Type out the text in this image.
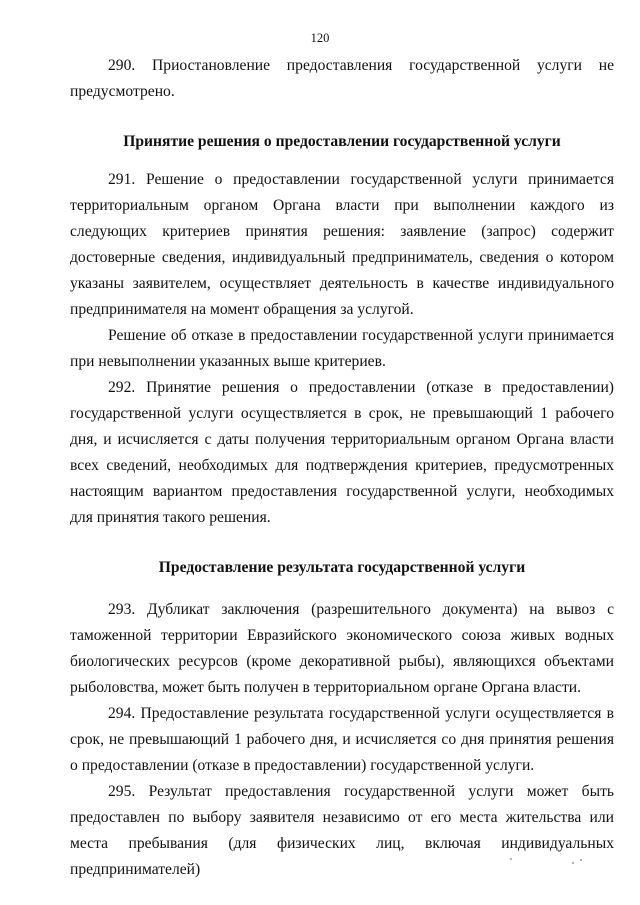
120

290. Приостановление предоставления государственной услуги не предусмотрено.

Принятие решения о предоставлении государственной услуги

291. Решение о предоставлении государственной услуги принимается территориальным органом Органа власти при выполнении каждого из следующих критериев принятия решения: заявление (запрос) содержит достоверные сведения, индивидуальный предприниматель, сведения о котором указаны заявителем, осуществляет деятельность в качестве индивидуального предпринимателя на момент обращения за услугой.

Решение об отказе в предоставлении государственной услуги принимается при невыполнении указанных выше критериев.

292. Принятие решения о предоставлении (отказе в предоставлении) государственной услуги осуществляется в срок, не превышающий 1 рабочего дня, и исчисляется с даты получения территориальным органом Органа власти всех сведений, необходимых для подтверждения критериев, предусмотренных настоящим вариантом предоставления государственной услуги, необходимых для принятия такого решения.

Предоставление результата государственной услуги

293. Дубликат заключения (разрешительного документа) на вывоз с таможенной территории Евразийского экономического союза живых водных биологических ресурсов (кроме декоративной рыбы), являющихся объектами рыболовства, может быть получен в территориальном органе Органа власти.

294. Предоставление результата государственной услуги осуществляется в срок, не превышающий 1 рабочего дня, и исчисляется со дня принятия решения о предоставлении (отказе в предоставлении) государственной услуги.

295. Результат предоставления государственной услуги может быть предоставлен по выбору заявителя независимо от его места жительства или места пребывания (для физических лиц, включая индивидуальных предпринимателей)
